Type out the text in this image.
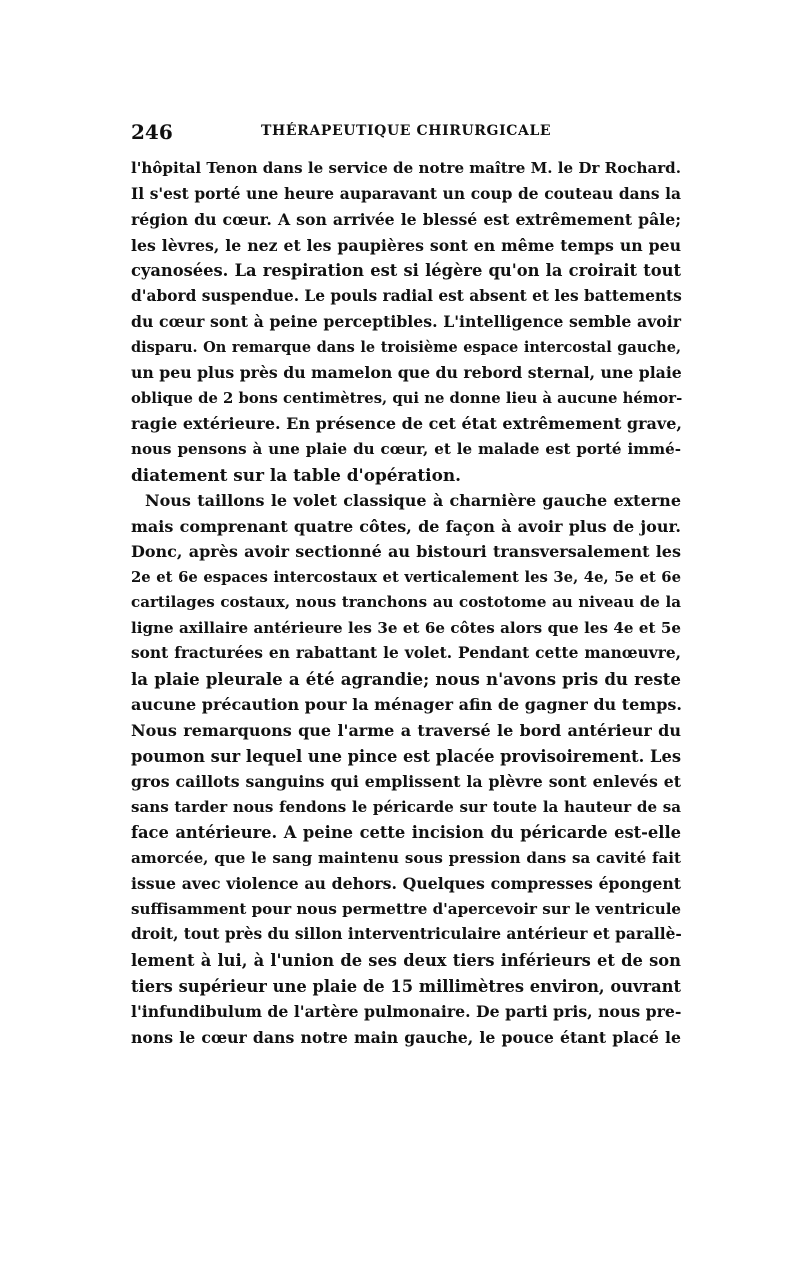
246	THÉRAPEUTIQUE CHIRURGICALE
l'hôpital Tenon dans le service de notre maître M. le Dr Rochard.
Il s'est porté une heure auparavant un coup de couteau dans la
région du cœur. A son arrivée le blessé est extrêmement pâle;
les lèvres, le nez et les paupières sont en même temps un peu
cyanosées. La respiration est si légère qu'on la croirait tout
d'abord suspendue. Le pouls radial est absent et les battements
du cœur sont à peine perceptibles. L'intelligence semble avoir
disparu. On remarque dans le troisième espace intercostal gauche,
un peu plus près du mamelon que du rebord sternal, une plaie
oblique de 2 bons centimètres, qui ne donne lieu à aucune hémor-
ragie extérieure. En présence de cet état extrêmement grave,
nous pensons à une plaie du cœur, et le malade est porté immé-
diatement sur la table d'opération.
Nous taillons le volet classique à charnière gauche externe
mais comprenant quatre côtes, de façon à avoir plus de jour.
Donc, après avoir sectionné au bistouri transversalement les
2e et 6e espaces intercostaux et verticalement les 3e, 4e, 5e et 6e
cartilages costaux, nous tranchons au costotome au niveau de la
ligne axillaire antérieure les 3e et 6e côtes alors que les 4e et 5e
sont fracturées en rabattant le volet. Pendant cette manœuvre,
la plaie pleurale a été agrandie; nous n'avons pris du reste
aucune précaution pour la ménager afin de gagner du temps.
Nous remarquons que l'arme a traversé le bord antérieur du
poumon sur lequel une pince est placée provisoirement. Les
gros caillots sanguins qui emplissent la plèvre sont enlevés et
sans tarder nous fendons le péricarde sur toute la hauteur de sa
face antérieure. A peine cette incision du péricarde est-elle
amorcée, que le sang maintenu sous pression dans sa cavité fait
issue avec violence au dehors. Quelques compresses épongent
suffisamment pour nous permettre d'apercevoir sur le ventricule
droit, tout près du sillon interventriculaire antérieur et parallè-
lement à lui, à l'union de ses deux tiers inférieurs et de son
tiers supérieur une plaie de 15 millimètres environ, ouvrant
l'infundibulum de l'artère pulmonaire. De parti pris, nous pre-
nons le cœur dans notre main gauche, le pouce étant placé le
